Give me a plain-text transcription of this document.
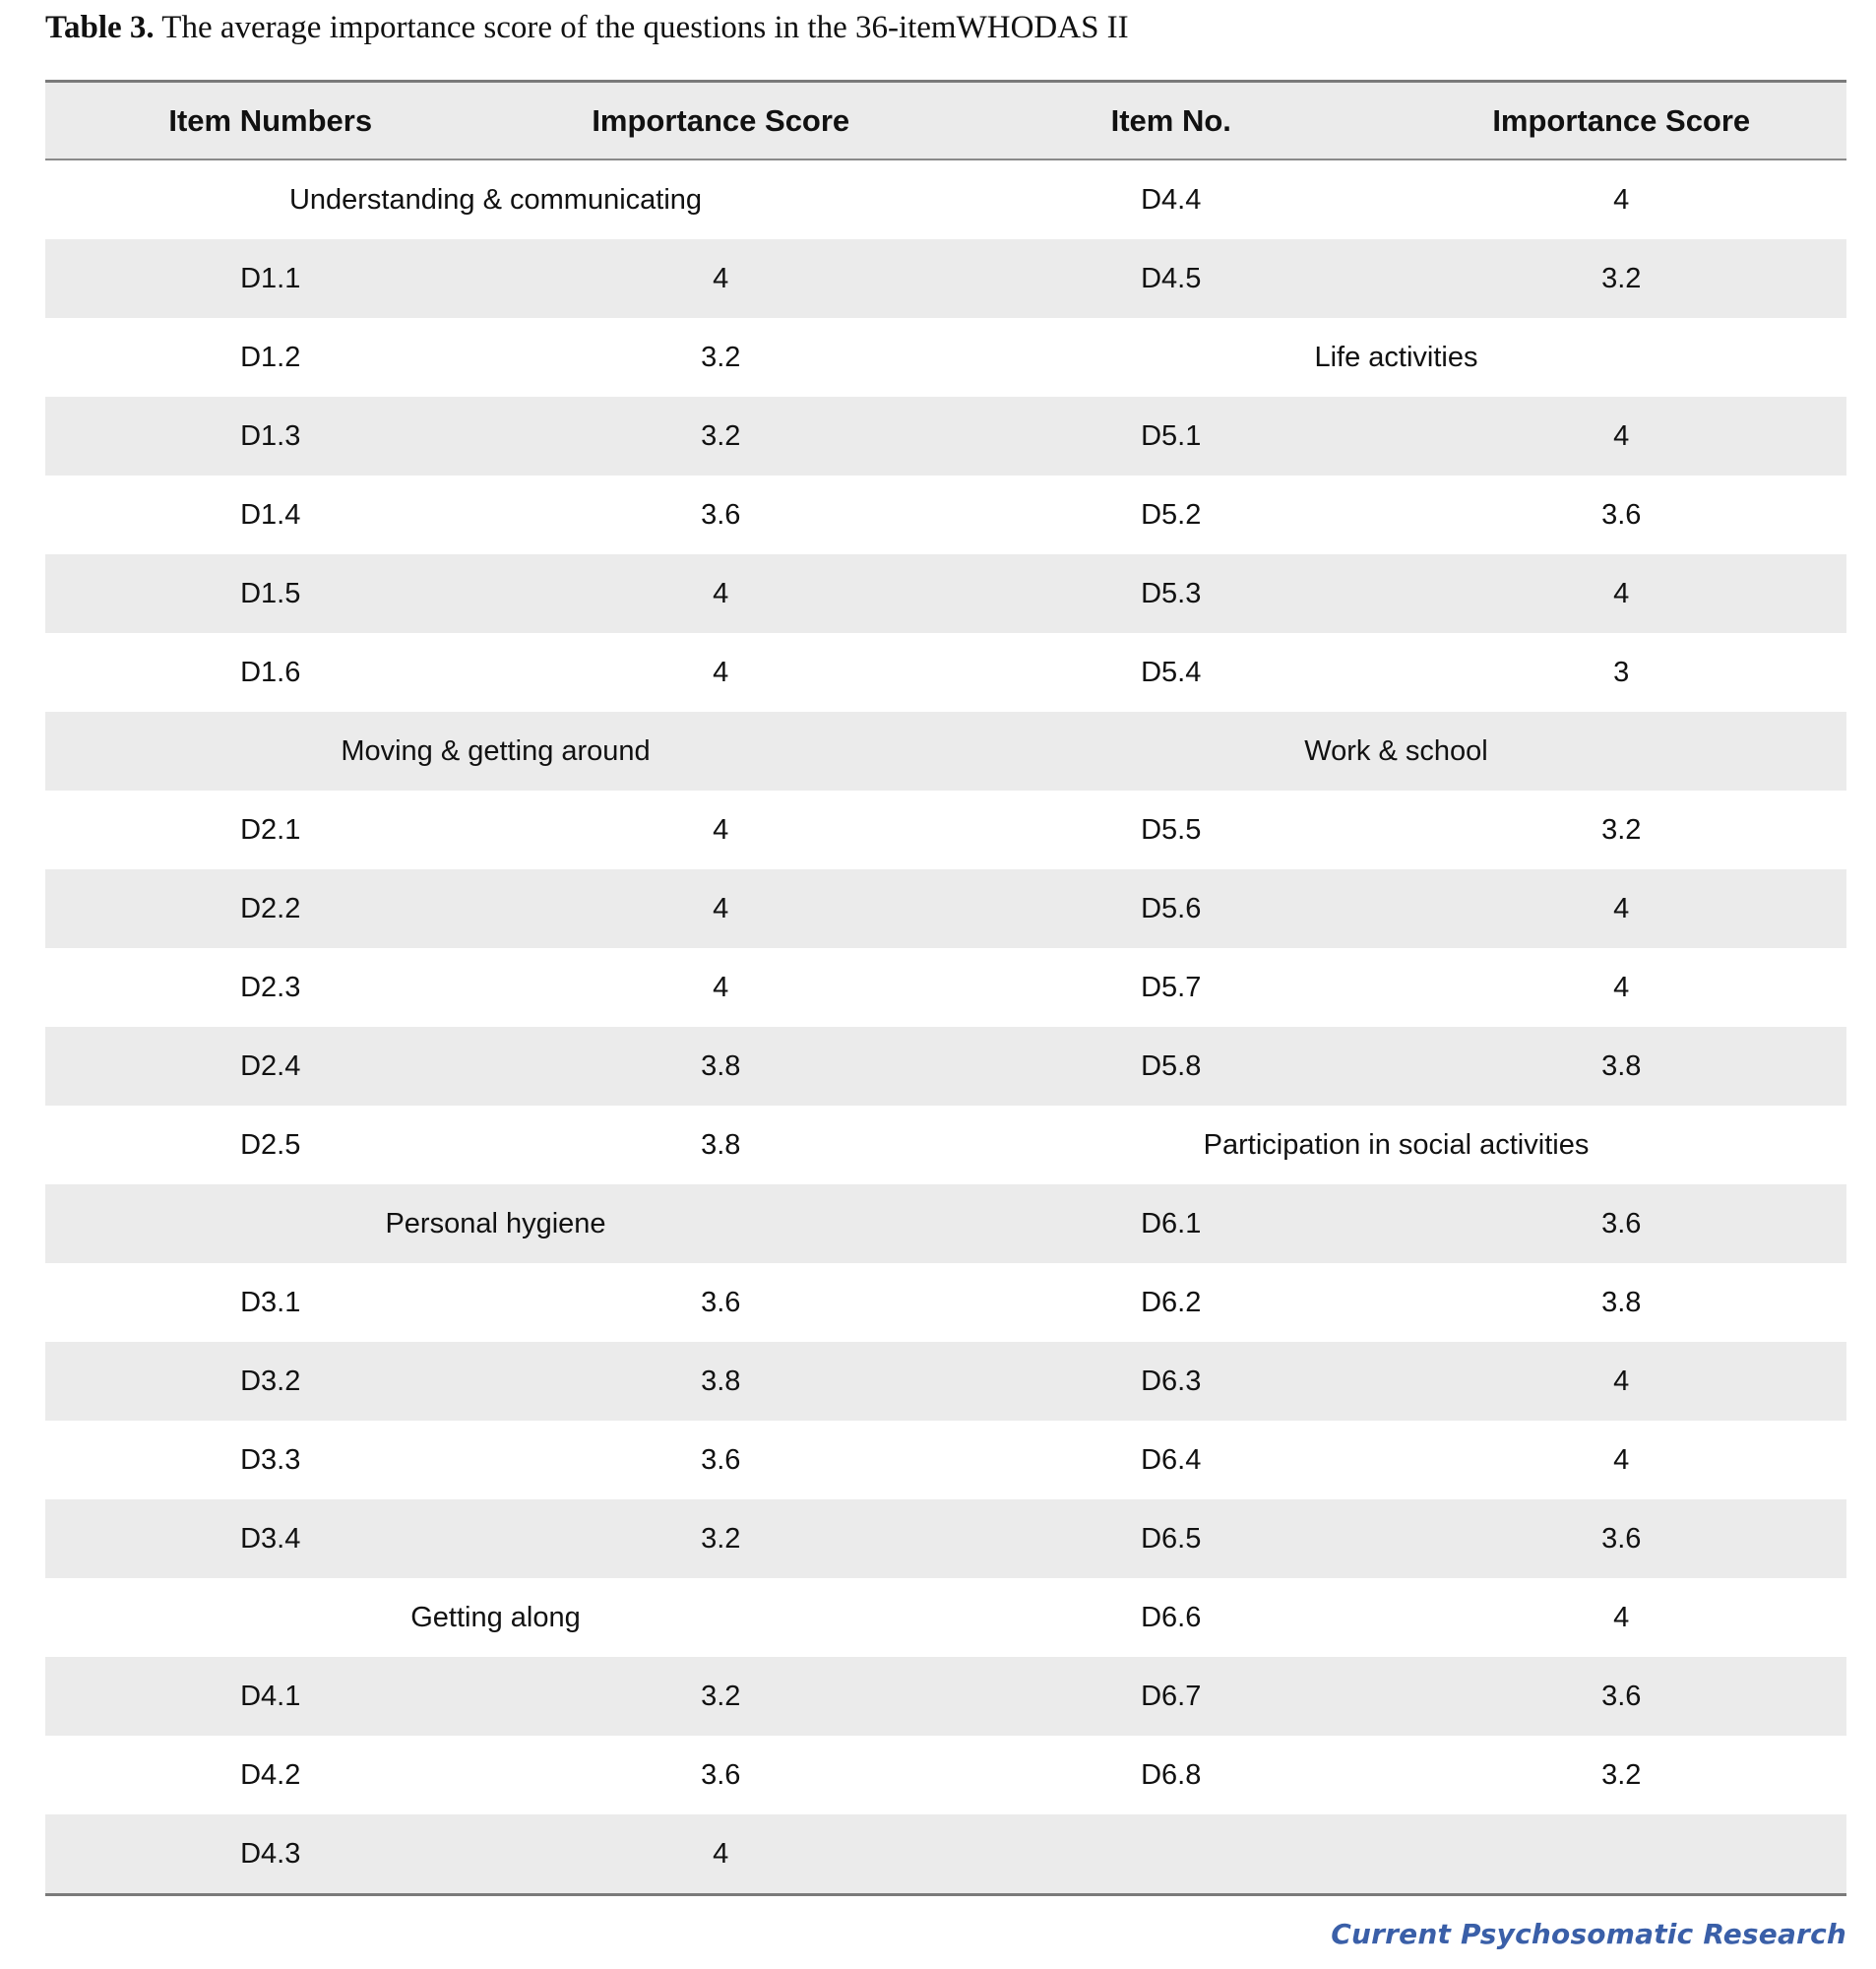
Table 3. The average importance score of the questions in the 36-itemWHODAS II
Item Numbers	Importance Score	Item No.	Importance Score
Understanding & communicating		D4.4	4
D1.1	4	D4.5	3.2
D1.2	3.2	Life activities	
D1.3	3.2	D5.1	4
D1.4	3.6	D5.2	3.6
D1.5	4	D5.3	4
D1.6	4	D5.4	3
Moving & getting around		Work & school	
D2.1	4	D5.5	3.2
D2.2	4	D5.6	4
D2.3	4	D5.7	4
D2.4	3.8	D5.8	3.8
D2.5	3.8	Participation in social activities	
Personal hygiene		D6.1	3.6
D3.1	3.6	D6.2	3.8
D3.2	3.8	D6.3	4
D3.3	3.6	D6.4	4
D3.4	3.2	D6.5	3.6
Getting along		D6.6	4
D4.1	3.2	D6.7	3.6
D4.2	3.6	D6.8	3.2
D4.3	4		
Current Psychosomatic Research
